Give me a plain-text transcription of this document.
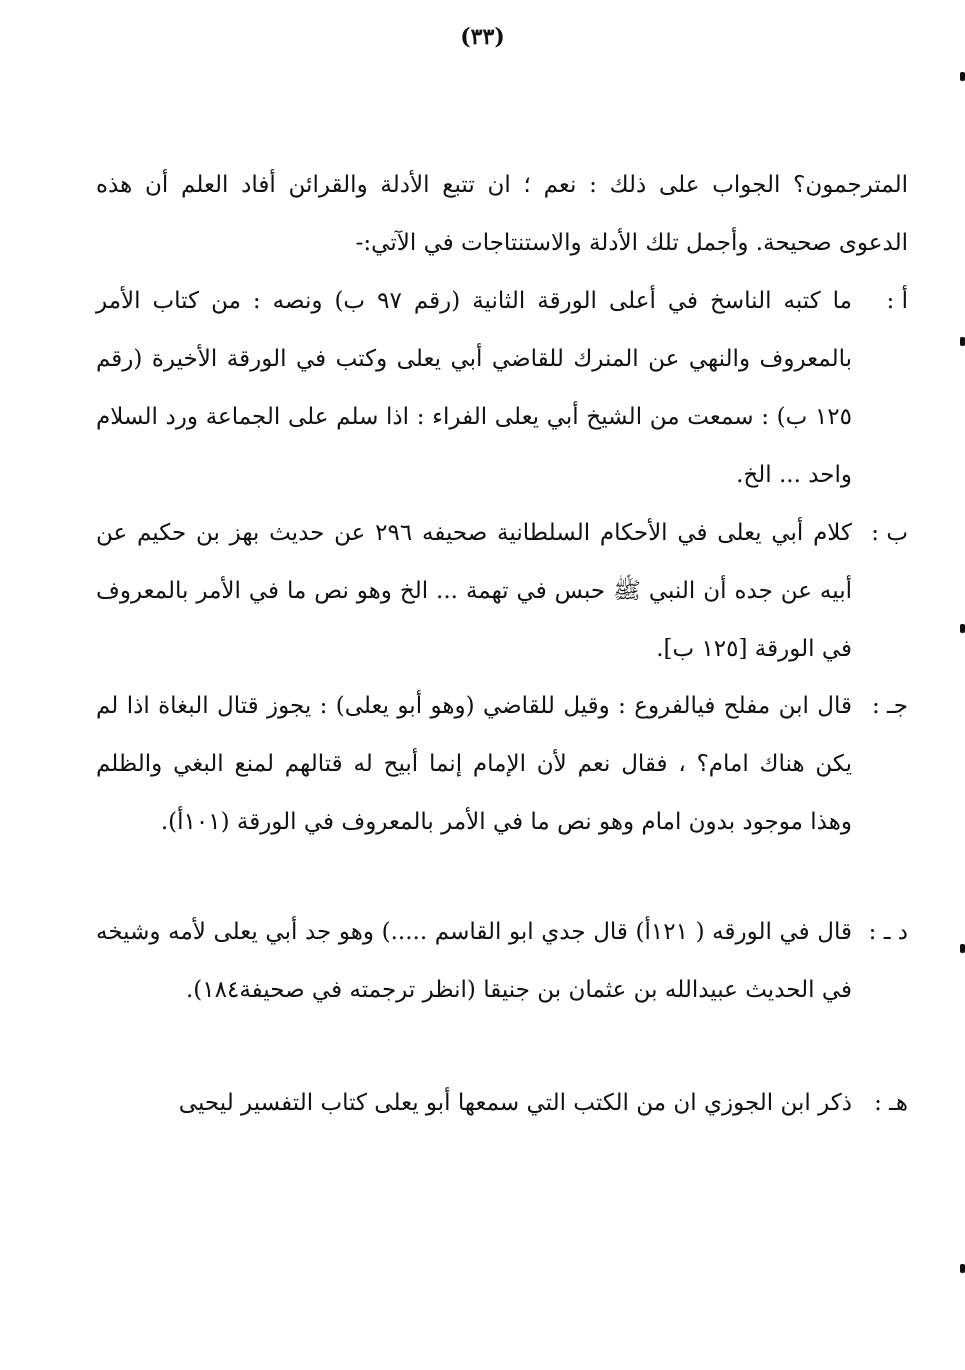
(٣٣)
المترجمون؟ الجواب على ذلك : نعم ؛ ان تتبع الأدلة والقرائن أفاد العلم أن هذه الدعوى صحيحة. وأجمل تلك الأدلة والاستنتاجات في الآتي:-
أ :
ما كتبه الناسخ في أعلى الورقة الثانية (رقم ٩٧ ب) ونصه : من كتاب الأمر بالمعروف والنهي عن المنرك للقاضي أبي يعلى وكتب في الورقة الأخيرة (رقم ١٢٥ ب) : سمعت من الشيخ أبي يعلى الفراء : اذا سلم على الجماعة ورد السلام واحد ... الخ.
ب :
كلام أبي يعلى في الأحكام السلطانية صحيفه ٢٩٦ عن حديث بهز بن حكيم عن أبيه عن جده أن النبي ﷺ حبس في تهمة ... الخ وهو نص ما في الأمر بالمعروف في الورقة [١٢٥ ب].
جـ :
قال ابن مفلح فيالفروع : وقيل للقاضي (وهو أبو يعلى) : يجوز قتال البغاة اذا لم يكن هناك امام؟ ، فقال نعم لأن الإمام إنما أبيح له قتالهم لمنع البغي والظلم وهذا موجود بدون امام وهو نص ما في الأمر بالمعروف في الورقة (١٠١أ).
د ـ :
قال في الورقه ( ١٢١أ) قال جدي ابو القاسم .....) وهو جد أبي يعلى لأمه وشيخه في الحديث عبيدالله بن عثمان بن جنيقا (انظر ترجمته في صحيفة١٨٤).
هـ :
ذكر ابن الجوزي ان من الكتب التي سمعها أبو يعلى كتاب التفسير ليحيى
